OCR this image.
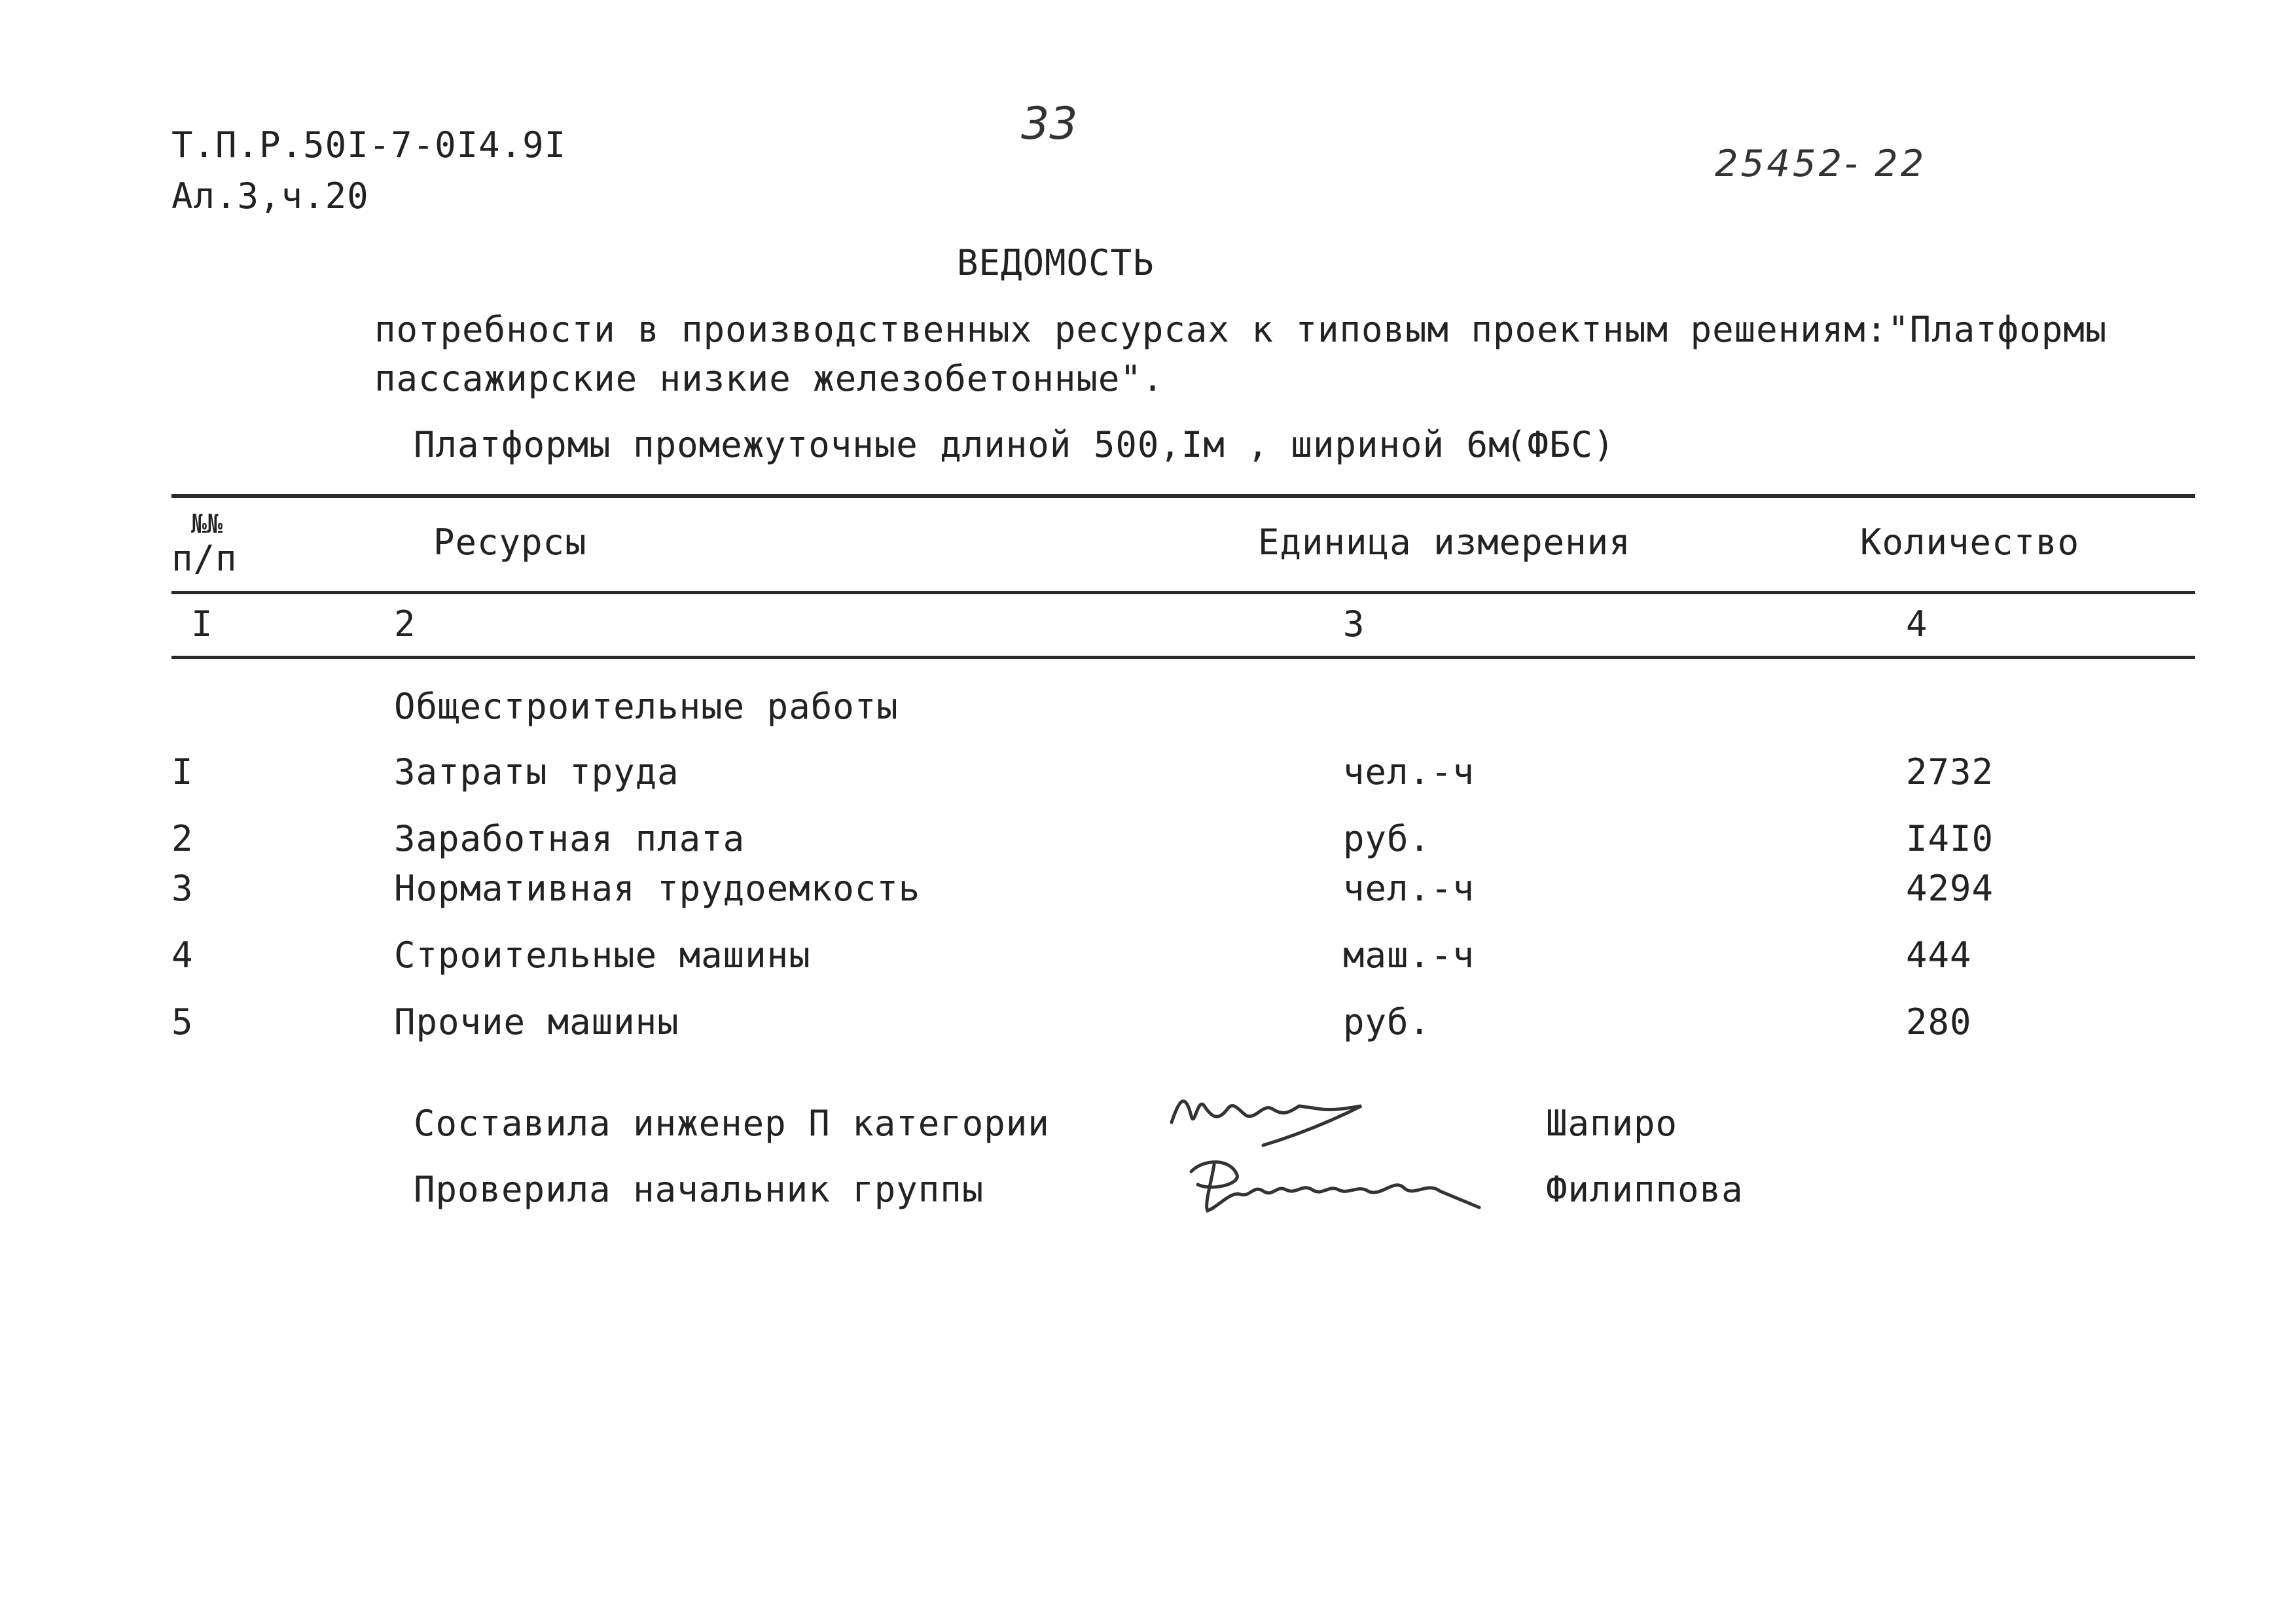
Т.П.Р.50I-7-0I4.9I
Ал.3,ч.20
33
25452- 22
ВЕДОМОСТЬ
потребности в производственных ресурсах к типовым проектным решениям:"Платформы
пассажирские низкие железобетонные".
Платформы промежуточные длиной 500,Iм , шириной 6м
(ФБС)
№№
п/п	Ресурсы	Единица измерения	Количество
I	2	3	4
Общестроительные работы
I	Затраты труда	чел.-ч	2732
2	Заработная плата	руб.	I4I0
3	Нормативная трудоемкость	чел.-ч	4294
4	Строительные машины	маш.-ч	444
5	Прочие машины	руб.	280
Составила инженер П категории	Шапиро
Проверила начальник группы	Филиппова
